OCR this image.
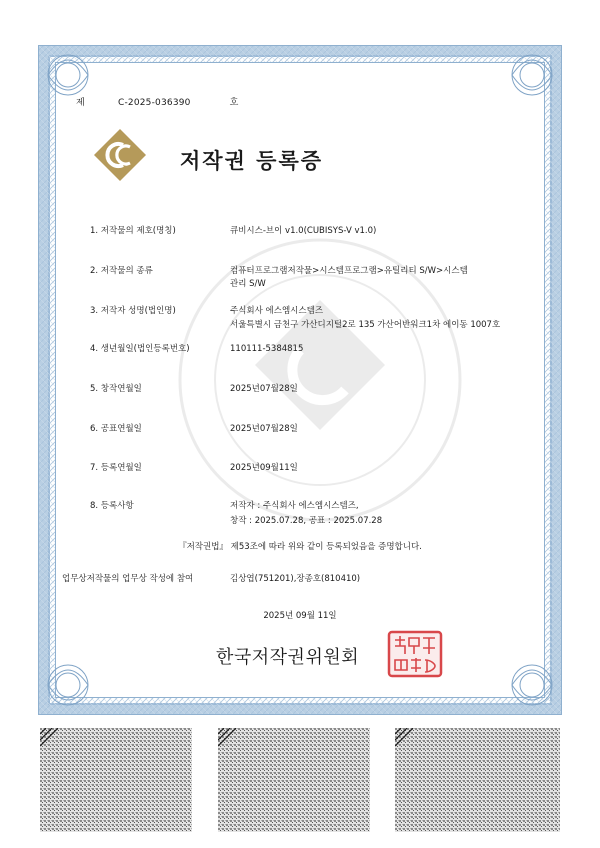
제	C-2025-036390	호
저작권 등록증
1. 저작물의 제호(명칭)	큐비시스-브이 v1.0(CUBISYS-V v1.0)
2. 저작물의 종류	컴퓨터프로그램저작물>시스템프로그램>유틸리티 S/W>시스템 관리 S/W
3. 저작자 성명(법인명)	주식회사 에스엠시스템즈
서울특별시 금천구 가산디지털2로 135 가산어반워크1차 에이동 1007호
4. 생년월일(법인등록번호)	110111-5384815
5. 창작연월일	2025년07월28일
6. 공표연월일	2025년07월28일
7. 등록연월일	2025년09월11일
8. 등록사항	저작자 : 주식회사 에스엠시스템즈,
창작 : 2025.07.28, 공표 : 2025.07.28
『저작권법』 제53조에 따라 위와 같이 등록되었음을 증명합니다.
업무상저작물의 업무상 작성에 참여	김상엽(751201),장종호(810410)
2025년 09월 11일
한국저작권위원회
